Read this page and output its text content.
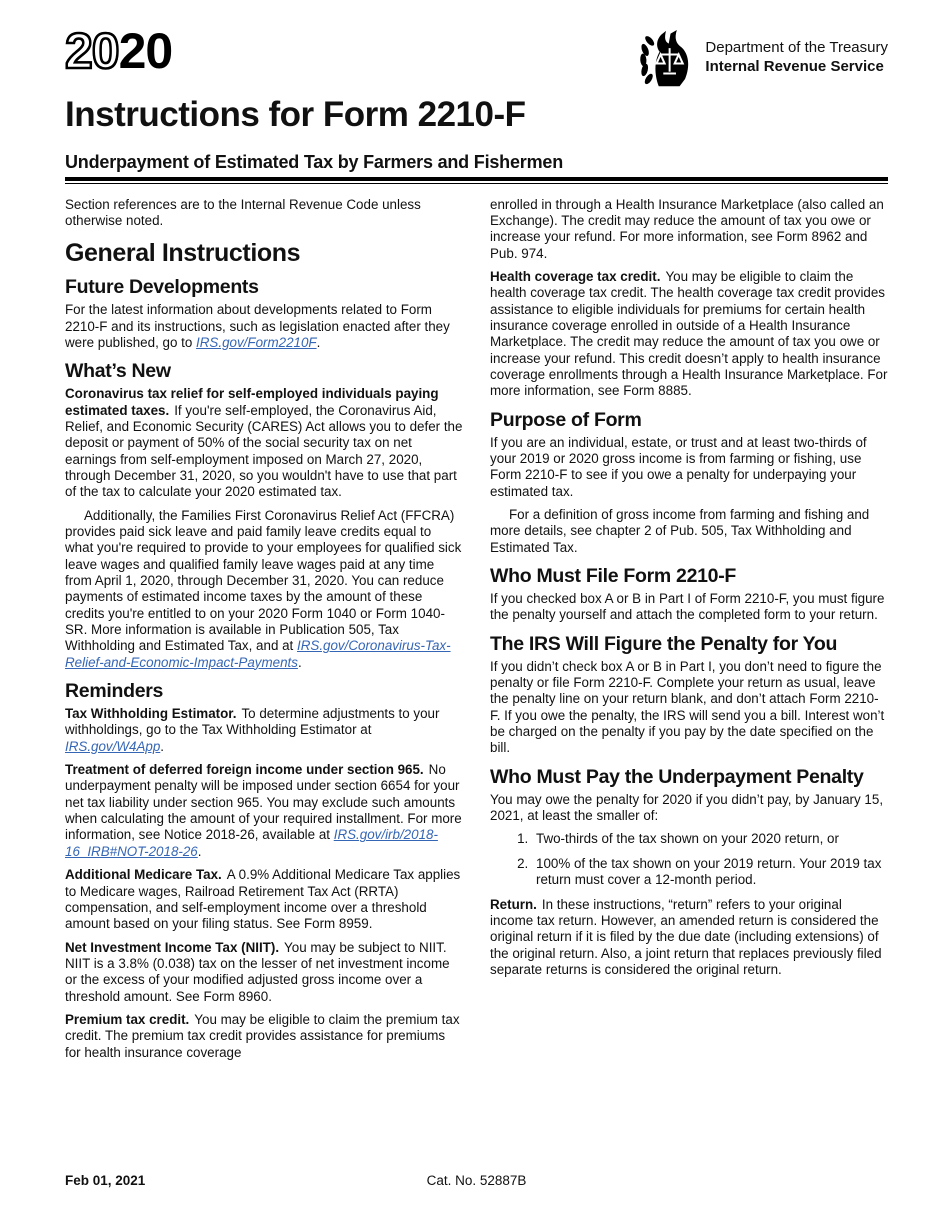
2020	Department of the Treasury
Internal Revenue Service
Instructions for Form 2210-F
Underpayment of Estimated Tax by Farmers and Fishermen

Section references are to the Internal Revenue Code unless otherwise noted.

General Instructions
Future Developments

For the latest information about developments related to Form 2210-F and its instructions, such as legislation enacted after they were published, go to IRS.gov/Form2210F.

What’s New

Coronavirus tax relief for self-employed individuals paying estimated taxes. If you're self-employed, the Coronavirus Aid, Relief, and Economic Security (CARES) Act allows you to defer the deposit or payment of 50% of the social security tax on net earnings from self-employment imposed on March 27, 2020, through December 31, 2020, so you wouldn't have to use that part of the tax to calculate your 2020 estimated tax.

Additionally, the Families First Coronavirus Relief Act (FFCRA) provides paid sick leave and paid family leave credits equal to what you're required to provide to your employees for qualified sick leave wages and qualified family leave wages paid at any time from April 1, 2020, through December 31, 2020. You can reduce payments of estimated income taxes by the amount of these credits you're entitled to on your 2020 Form 1040 or Form 1040-SR. More information is available in Publication 505, Tax Withholding and Estimated Tax, and at IRS.gov/Coronavirus-Tax-Relief-and-Economic-Impact-Payments.

Reminders

Tax Withholding Estimator. To determine adjustments to your withholdings, go to the Tax Withholding Estimator at IRS.gov/W4App.

Treatment of deferred foreign income under section 965. No underpayment penalty will be imposed under section 6654 for your net tax liability under section 965. You may exclude such amounts when calculating the amount of your required installment. For more information, see Notice 2018-26, available at IRS.gov/irb/2018-16_IRB#NOT-2018-26.

Additional Medicare Tax. A 0.9% Additional Medicare Tax applies to Medicare wages, Railroad Retirement Tax Act (RRTA) compensation, and self-employment income over a threshold amount based on your filing status. See Form 8959.

Net Investment Income Tax (NIIT). You may be subject to NIIT. NIIT is a 3.8% (0.038) tax on the lesser of net investment income or the excess of your modified adjusted gross income over a threshold amount. See Form 8960.

Premium tax credit. You may be eligible to claim the premium tax credit. The premium tax credit provides assistance for premiums for health insurance coverage

enrolled in through a Health Insurance Marketplace (also called an Exchange). The credit may reduce the amount of tax you owe or increase your refund. For more information, see Form 8962 and Pub. 974.

Health coverage tax credit. You may be eligible to claim the health coverage tax credit. The health coverage tax credit provides assistance to eligible individuals for premiums for certain health insurance coverage enrolled in outside of a Health Insurance Marketplace. The credit may reduce the amount of tax you owe or increase your refund. This credit doesn’t apply to health insurance coverage enrollments through a Health Insurance Marketplace. For more information, see Form 8885.

Purpose of Form

If you are an individual, estate, or trust and at least two-thirds of your 2019 or 2020 gross income is from farming or fishing, use Form 2210-F to see if you owe a penalty for underpaying your estimated tax.

For a definition of gross income from farming and fishing and more details, see chapter 2 of Pub. 505, Tax Withholding and Estimated Tax.

Who Must File Form 2210-F

If you checked box A or B in Part I of Form 2210-F, you must figure the penalty yourself and attach the completed form to your return.

The IRS Will Figure the Penalty for You

If you didn’t check box A or B in Part I, you don’t need to figure the penalty or file Form 2210-F. Complete your return as usual, leave the penalty line on your return blank, and don’t attach Form 2210-F. If you owe the penalty, the IRS will send you a bill. Interest won’t be charged on the penalty if you pay by the date specified on the bill.

Who Must Pay the Underpayment Penalty

You may owe the penalty for 2020 if you didn’t pay, by January 15, 2021, at least the smaller of:

1. Two-thirds of the tax shown on your 2020 return, or
2. 100% of the tax shown on your 2019 return. Your 2019 tax return must cover a 12-month period.

Return. In these instructions, “return” refers to your original income tax return. However, an amended return is considered the original return if it is filed by the due date (including extensions) of the original return. Also, a joint return that replaces previously filed separate returns is considered the original return.

Feb 01, 2021	Cat. No. 52887B
